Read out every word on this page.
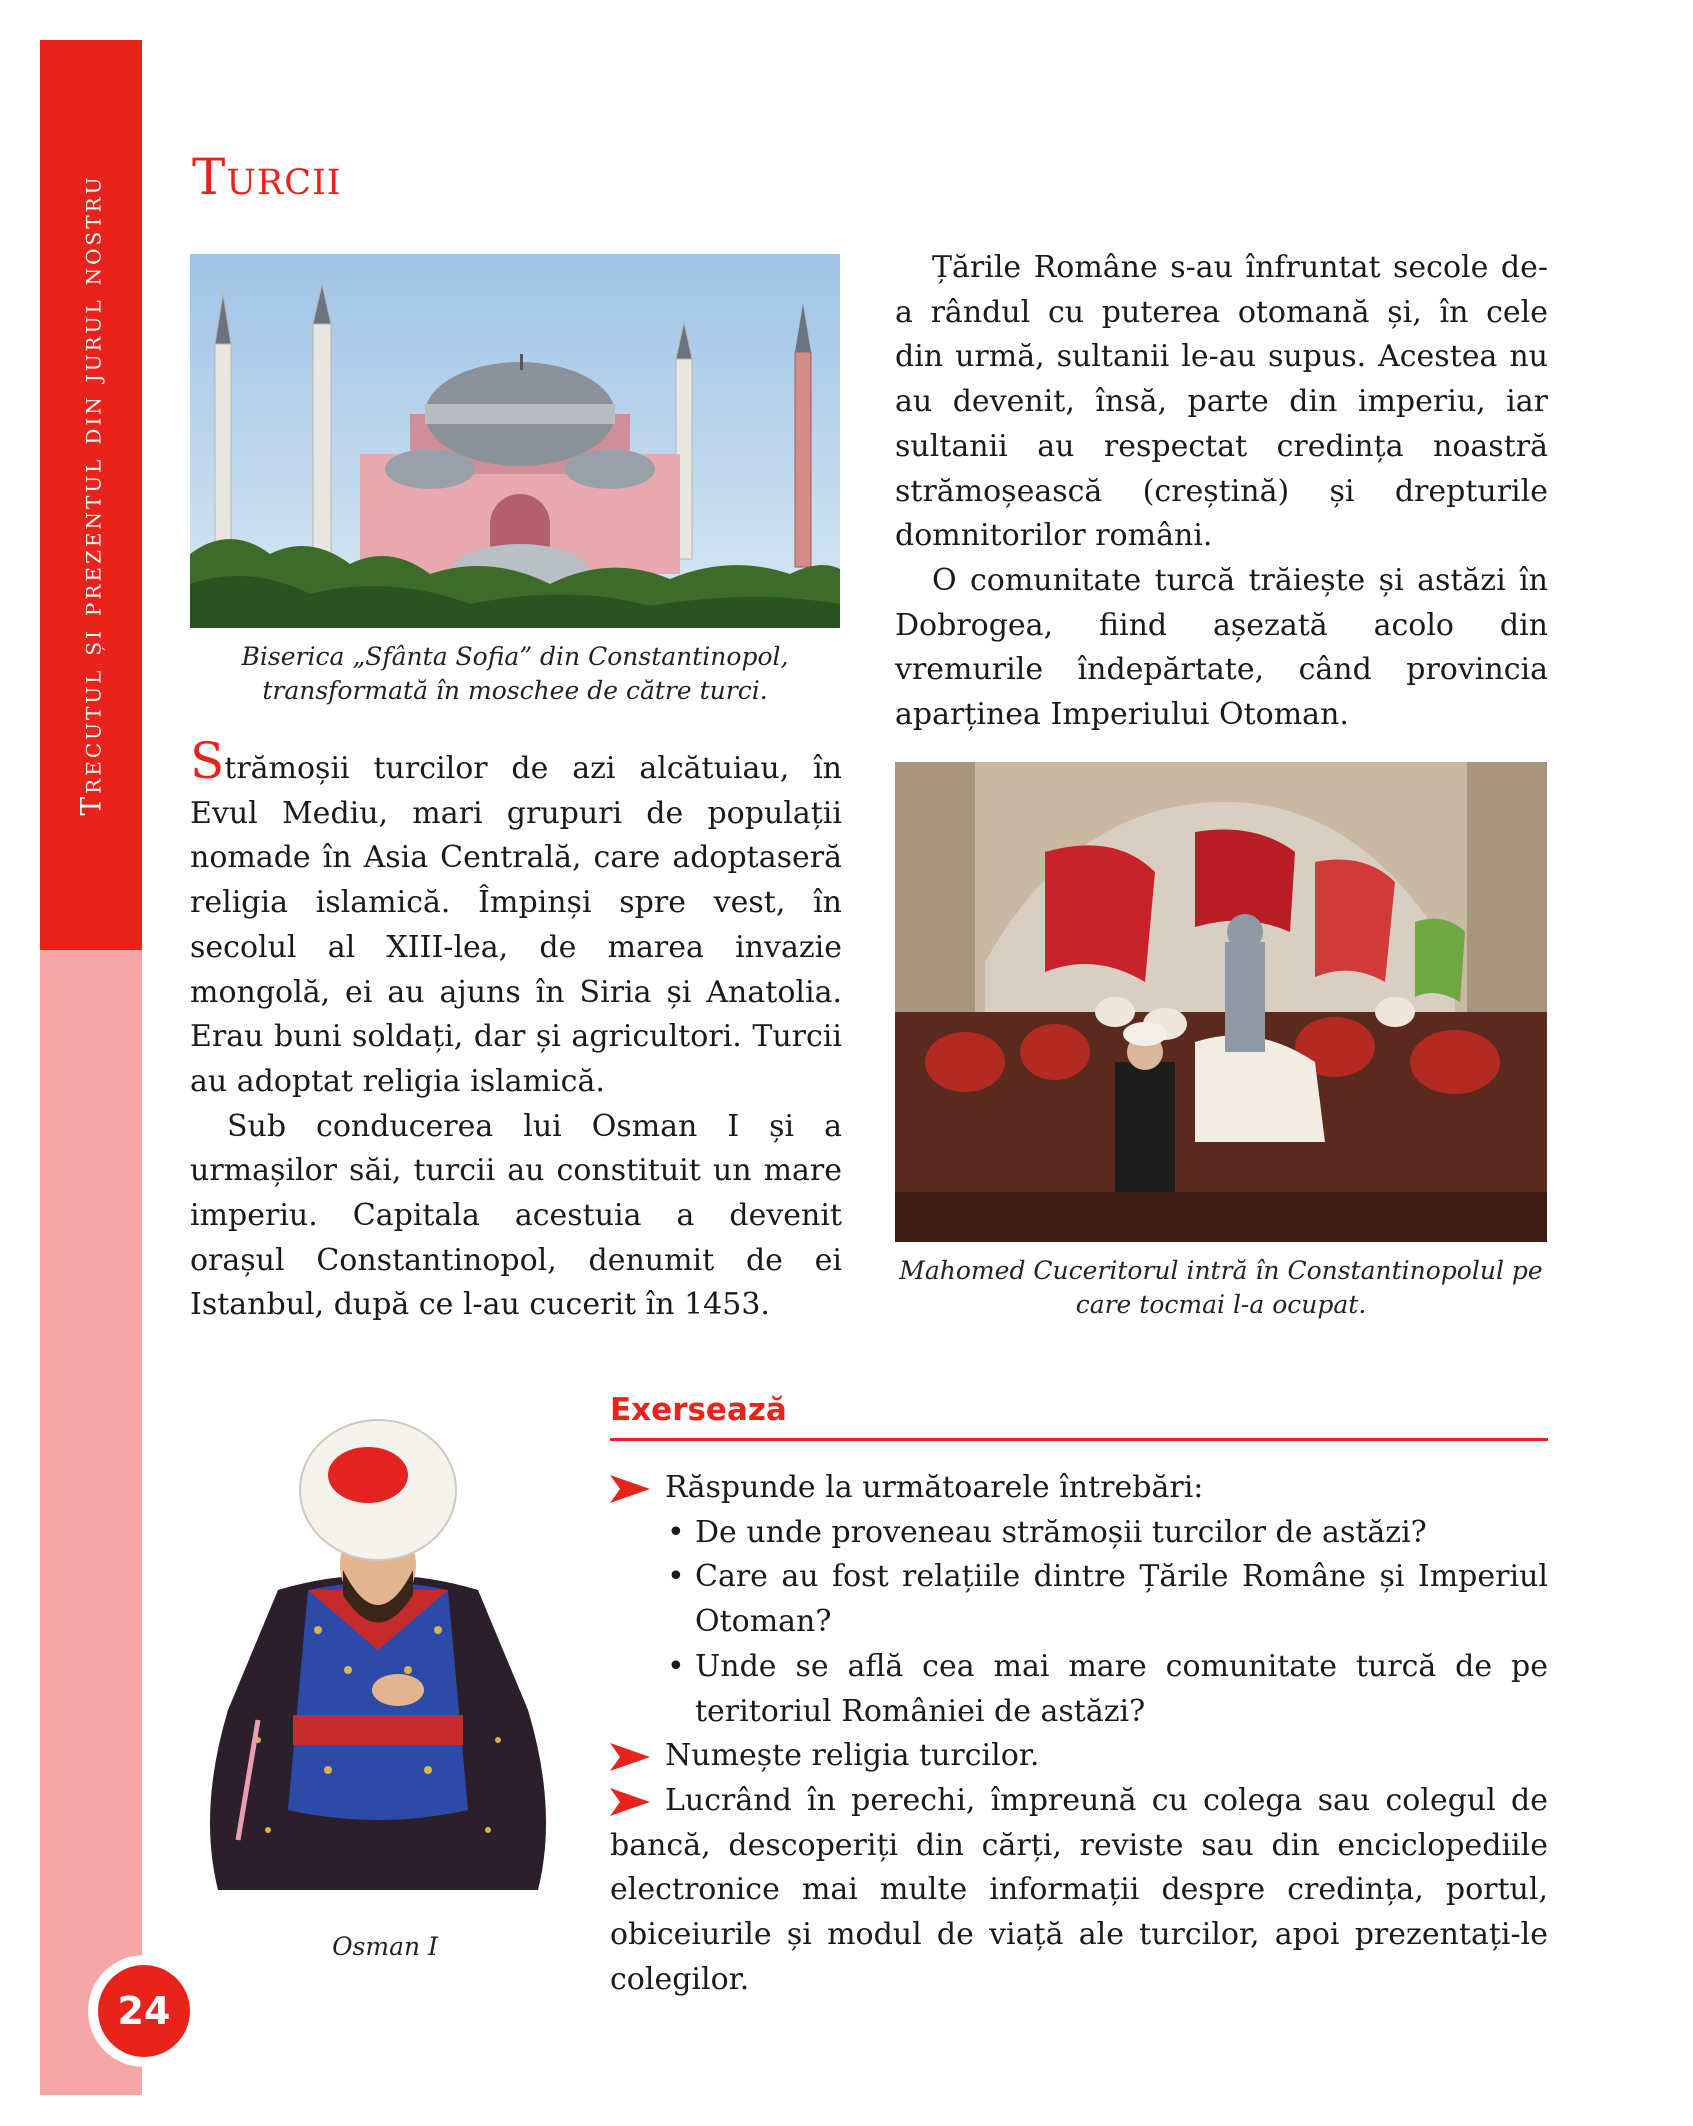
Trecutul și prezentul din jurul nostru
24
Turcii
Biserica „Sfânta Sofia” din Constantinopol, transformată în moschee de către turci.

Strămoșii turcilor de azi alcătuiau, în Evul Mediu, mari grupuri de populații nomade în Asia Centrală, care adoptaseră religia islamică. Împinși spre vest, în secolul al XIII-lea, de marea invazie mongolă, ei au ajuns în Siria și Anatolia. Erau buni soldați, dar și agricultori. Turcii au adoptat religia islamică.

Sub conducerea lui Osman I și a urmașilor săi, turcii au constituit un mare imperiu. Capitala acestuia a devenit orașul Constantinopol, denumit de ei Istanbul, după ce l-au cucerit în 1453.

Țările Române s-au înfruntat secole de-a rândul cu puterea otomană și, în cele din urmă, sultanii le-au supus. Acestea nu au devenit, însă, parte din imperiu, iar sultanii au respectat credința noastră strămoșească (creștină) și drepturile domnitorilor români.

O comunitate turcă trăiește și astăzi în Dobrogea, fiind așezată acolo din vremurile îndepărtate, când provincia aparținea Imperiului Otoman.

Mahomed Cuceritorul intră în Constantinopolul pe care tocmai l-a ocupat.
Osman I
Exersează
Răspunde la următoarele întrebări:
• De unde proveneau strămoșii turcilor de astăzi?
• Care au fost relațiile dintre Țările Române și Imperiul Otoman?
• Unde se află cea mai mare comunitate turcă de pe teritoriul României de astăzi?
Numește religia turcilor.
Lucrând în perechi, împreună cu colega sau colegul de bancă, descoperiți din cărți, reviste sau din enciclopediile electronice mai multe informații despre credința, portul, obiceiurile și modul de viață ale turcilor, apoi prezentați-le colegilor.
